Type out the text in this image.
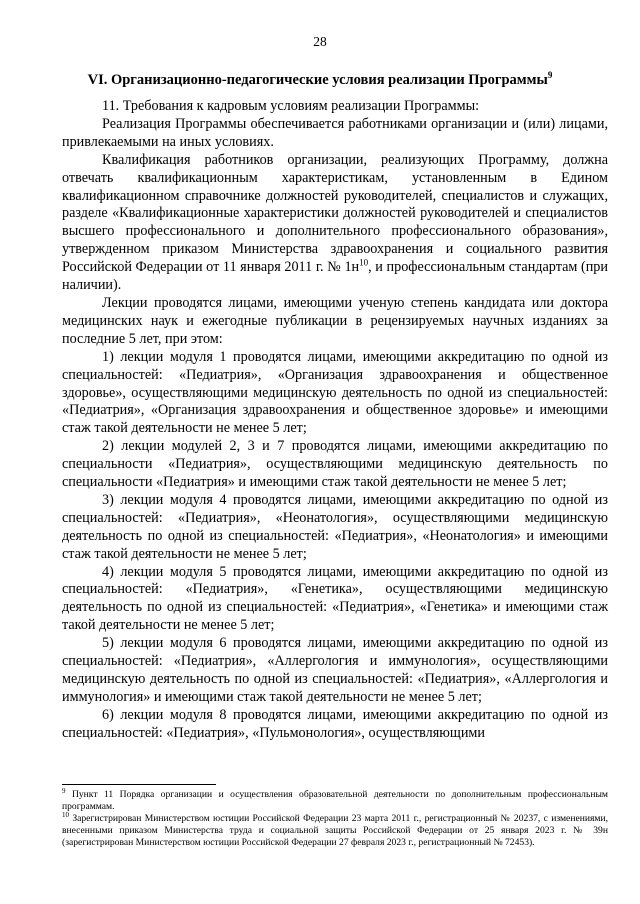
28
VI. Организационно-педагогические условия реализации Программы$^9$

11. Требования к кадровым условиям реализации Программы:

Реализация Программы обеспечивается работниками организации и (или) лицами, привлекаемыми на иных условиях.

Квалификация работников организации, реализующих Программу, должна отвечать квалификационным характеристикам, установленным в Едином квалификационном справочнике должностей руководителей, специалистов и служащих, разделе «Квалификационные характеристики должностей руководителей и специалистов высшего профессионального и дополнительного профессионального образования», утвержденном приказом Министерства здравоохранения и социального развития Российской Федерации от 11 января 2011 г. № $1н^{10}$, и профессиональным стандартам (при наличии).

Лекции проводятся лицами, имеющими ученую степень кандидата или доктора медицинских наук и ежегодные публикации в рецензируемых научных изданиях за последние 5 лет, при этом:

1) лекции модуля 1 проводятся лицами, имеющими аккредитацию по одной из специальностей: «Педиатрия», «Организация здравоохранения и общественное здоровье», осуществляющими медицинскую деятельность по одной из специальностей: «Педиатрия», «Организация здравоохранения и общественное здоровье» и имеющими стаж такой деятельности не менее 5 лет;

2) лекции модулей 2, 3 и 7 проводятся лицами, имеющими аккредитацию по специальности «Педиатрия», осуществляющими медицинскую деятельность по специальности «Педиатрия» и имеющими стаж такой деятельности не менее 5 лет;

3) лекции модуля 4 проводятся лицами, имеющими аккредитацию по одной из специальностей: «Педиатрия», «Неонатология», осуществляющими медицинскую деятельность по одной из специальностей: «Педиатрия», «Неонатология» и имеющими стаж такой деятельности не менее 5 лет;

4) лекции модуля 5 проводятся лицами, имеющими аккредитацию по одной из специальностей: «Педиатрия», «Генетика», осуществляющими медицинскую деятельность по одной из специальностей: «Педиатрия», «Генетика» и имеющими стаж такой деятельности не менее 5 лет;

5) лекции модуля 6 проводятся лицами, имеющими аккредитацию по одной из специальностей: «Педиатрия», «Аллергология и иммунология», осуществляющими медицинскую деятельность по одной из специальностей: «Педиатрия», «Аллергология и иммунология» и имеющими стаж такой деятельности не менее 5 лет;

6) лекции модуля 8 проводятся лицами, имеющими аккредитацию по одной из специальностей: «Педиатрия», «Пульмонология», осуществляющими

$^9$ Пункт 11 Порядка организации и осуществления образовательной деятельности по дополнительным профессиональным программам.

$^{10}$ Зарегистрирован Министерством юстиции Российской Федерации 23 марта 2011 г., регистрационный № 20237, с изменениями, внесенными приказом Министерства труда и социальной защиты Российской Федерации от 25 января 2023 г. № 39н (зарегистрирован Министерством юстиции Российской Федерации 27 февраля 2023 г., регистрационный № 72453).
